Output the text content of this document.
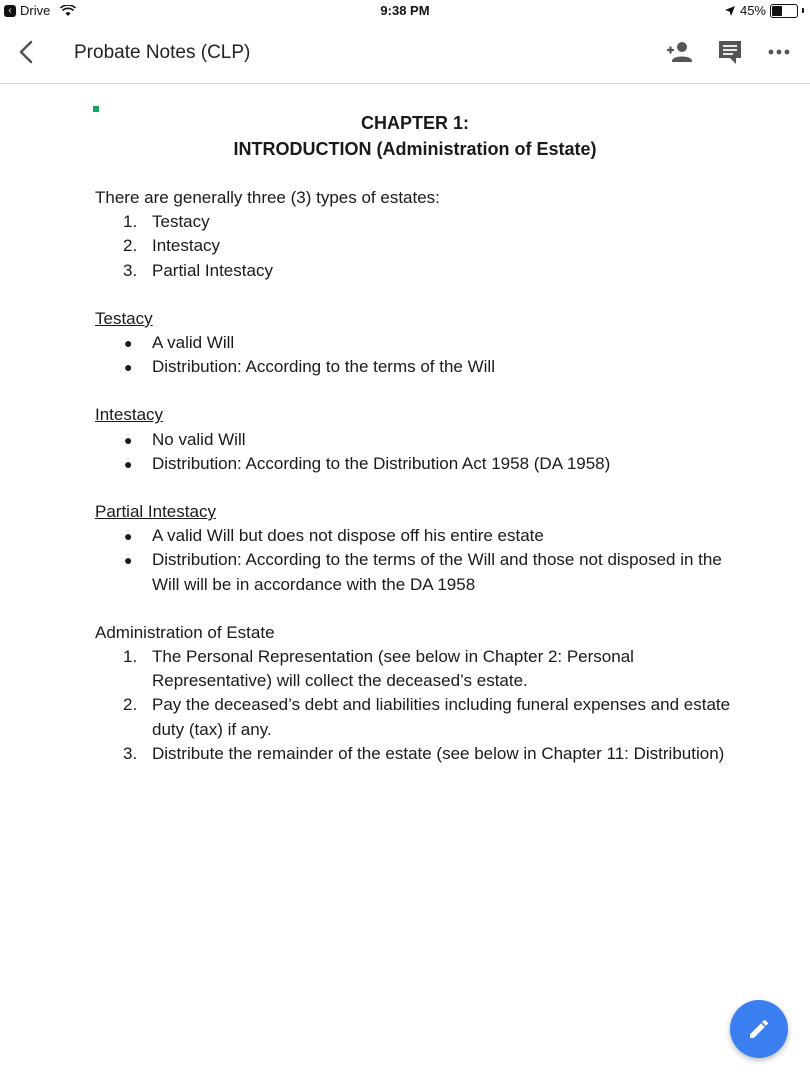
‹ Drive	9:38 PM	45%
Probate Notes (CLP)
CHAPTER 1:
INTRODUCTION (Administration of Estate)
There are generally three (3) types of estates:
1. Testacy
2. Intestacy
3. Partial Intestacy
Testacy
● A valid Will
● Distribution: According to the terms of the Will
Intestacy
● No valid Will
● Distribution: According to the Distribution Act 1958 (DA 1958)
Partial Intestacy
● A valid Will but does not dispose off his entire estate
● Distribution: According to the terms of the Will and those not disposed in the Will will be in accordance with the DA 1958
Administration of Estate
1. The Personal Representation (see below in Chapter 2: Personal Representative) will collect the deceased’s estate.
2. Pay the deceased’s debt and liabilities including funeral expenses and estate duty (tax) if any.
3. Distribute the remainder of the estate (see below in Chapter 11: Distribution)
